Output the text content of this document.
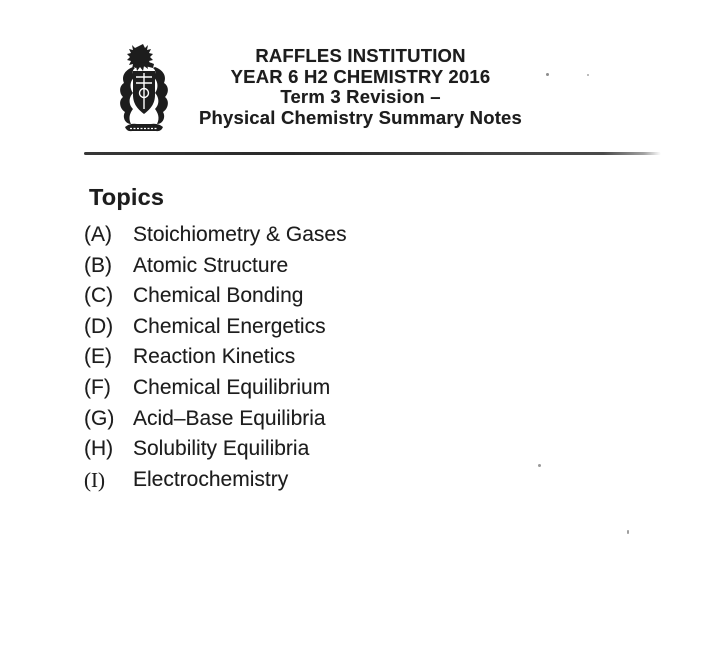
RAFFLES INSTITUTION
YEAR 6 H2 CHEMISTRY 2016
Term 3 Revision –
Physical Chemistry Summary Notes
Topics
(A)	Stoichiometry & Gases
(B)	Atomic Structure
(C) Chemical Bonding
(D) Chemical Energetics
(E)	Reaction Kinetics
(F)	Chemical Equilibrium
(G) Acid–Base Equilibria
(H) Solubility Equilibria
(I)	Electrochemistry
